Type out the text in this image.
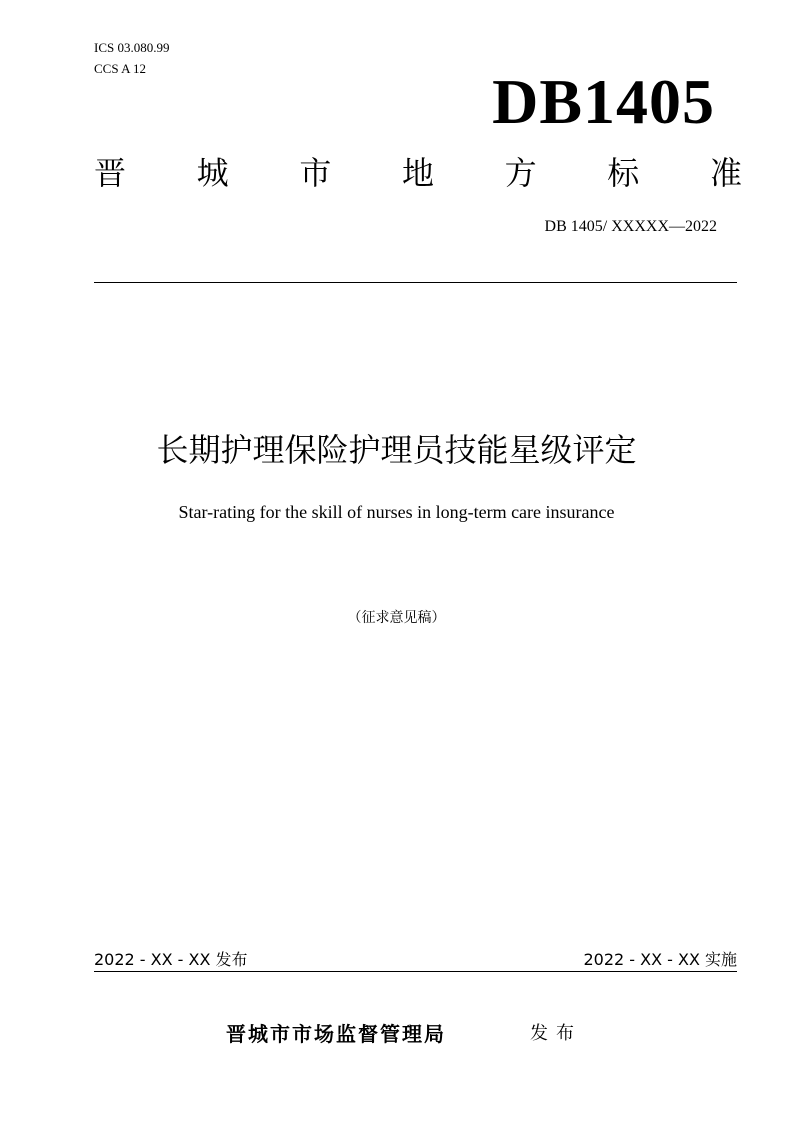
ICS 03.080.99
CCS A 12	DB1405
晋 城 市 地 方 标 准
DB 1405/ XXXXX—2022
长期护理保险护理员技能星级评定
Star-rating for the skill of nurses in long-term care insurance
（征求意见稿）
2022 - XX - XX 发布	2022 - XX - XX 实施
晋城市市场监督管理局	发布
